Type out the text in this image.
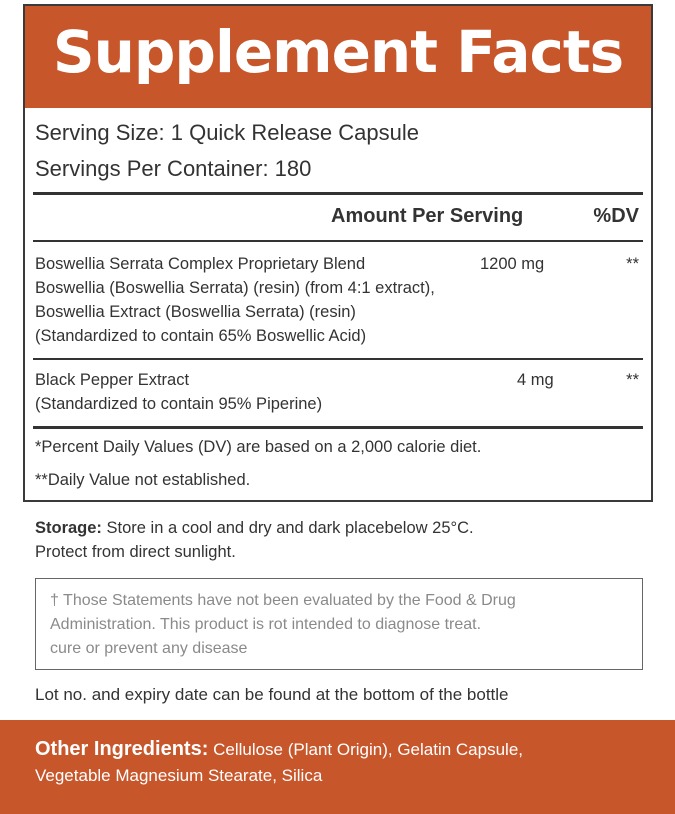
Supplement Facts
Serving Size: 1 Quick Release Capsule
Servings Per Container: 180
Amount Per Serving	%DV
Boswellia Serrata Complex Proprietary Blend
Boswellia (Boswellia Serrata) (resin) (from 4:1 extract),
Boswellia Extract (Boswellia Serrata) (resin)
(Standardized to contain 65% Boswellic Acid)
1200 mg	**
Black Pepper Extract
(Standardized to contain 95% Piperine)
4 mg	**
*Percent Daily Values (DV) are based on a 2,000 calorie diet.
**Daily Value not established.
Storage: Store in a cool and dry and dark placebelow 25°C.
Protect from direct sunlight.
† Those Statements have not been evaluated by the Food & Drug
Administration. This product is rot intended to diagnose treat.
cure or prevent any disease
Lot no. and expiry date can be found at the bottom of the bottle
Other Ingredients: Cellulose (Plant Origin), Gelatin Capsule,
Vegetable Magnesium Stearate, Silica
